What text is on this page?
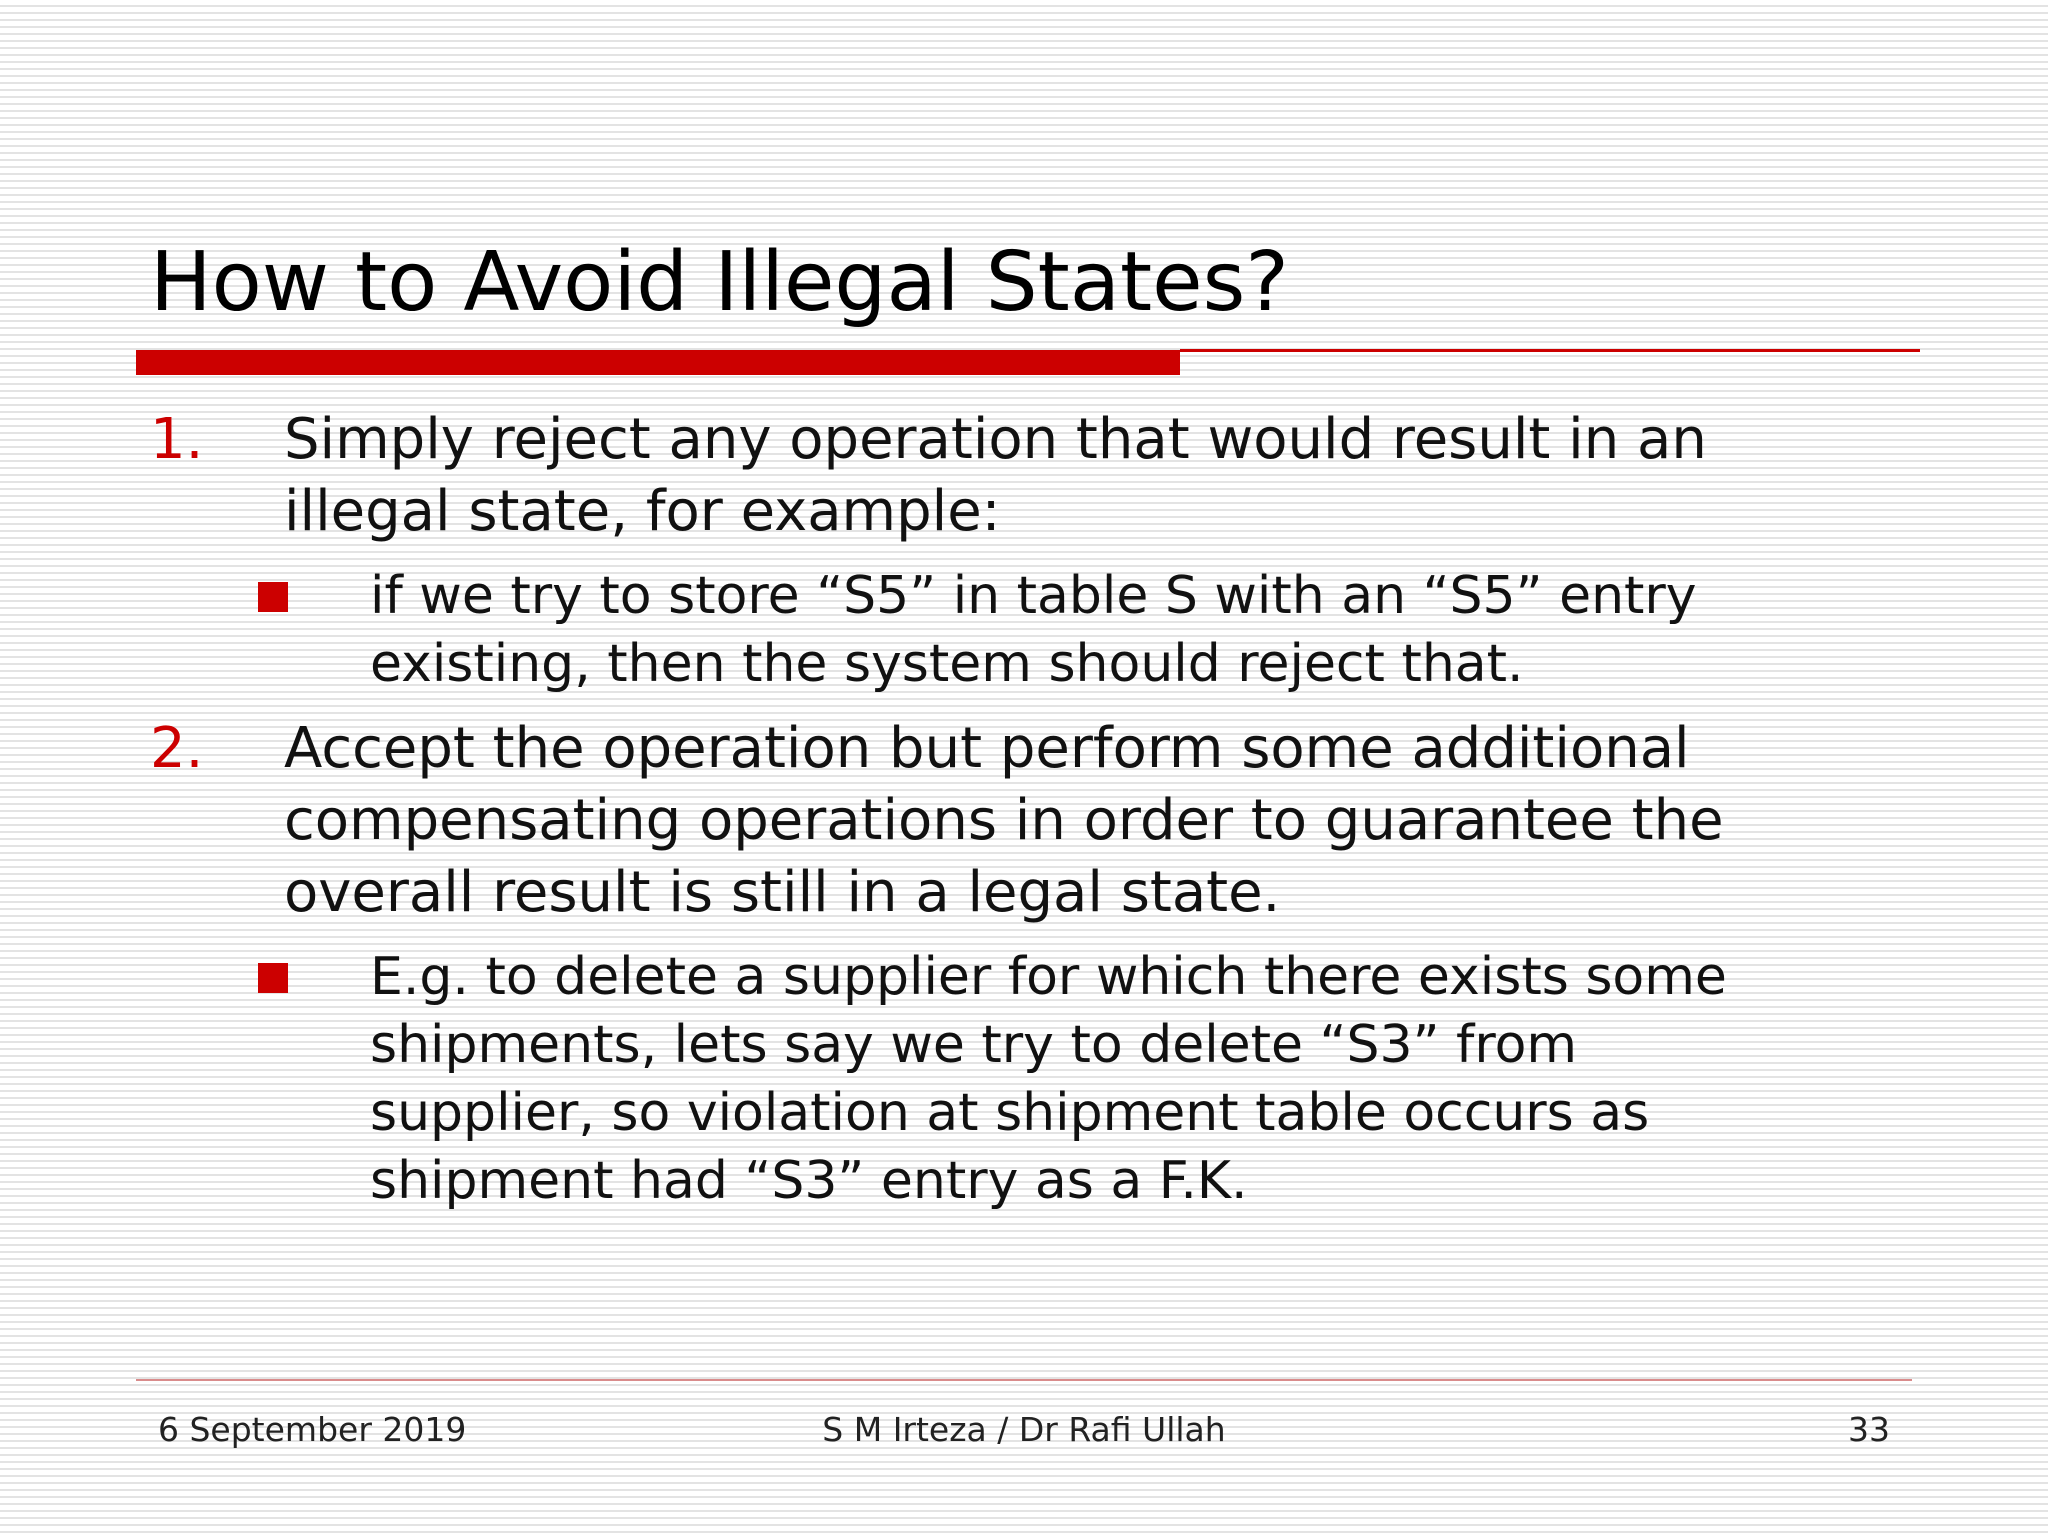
How to Avoid Illegal States?
1. Simply reject any operation that would result in an
illegal state, for example:
if we try to store “S5” in table S with an “S5” entry
existing, then the system should reject that.
2. Accept the operation but perform some additional
compensating operations in order to guarantee the
overall result is still in a legal state.
E.g. to delete a supplier for which there exists some
shipments, lets say we try to delete “S3” from
supplier, so violation at shipment table occurs as
shipment had “S3” entry as a F.K.
6 September 2019	S M Irteza / Dr Rafi Ullah	33
